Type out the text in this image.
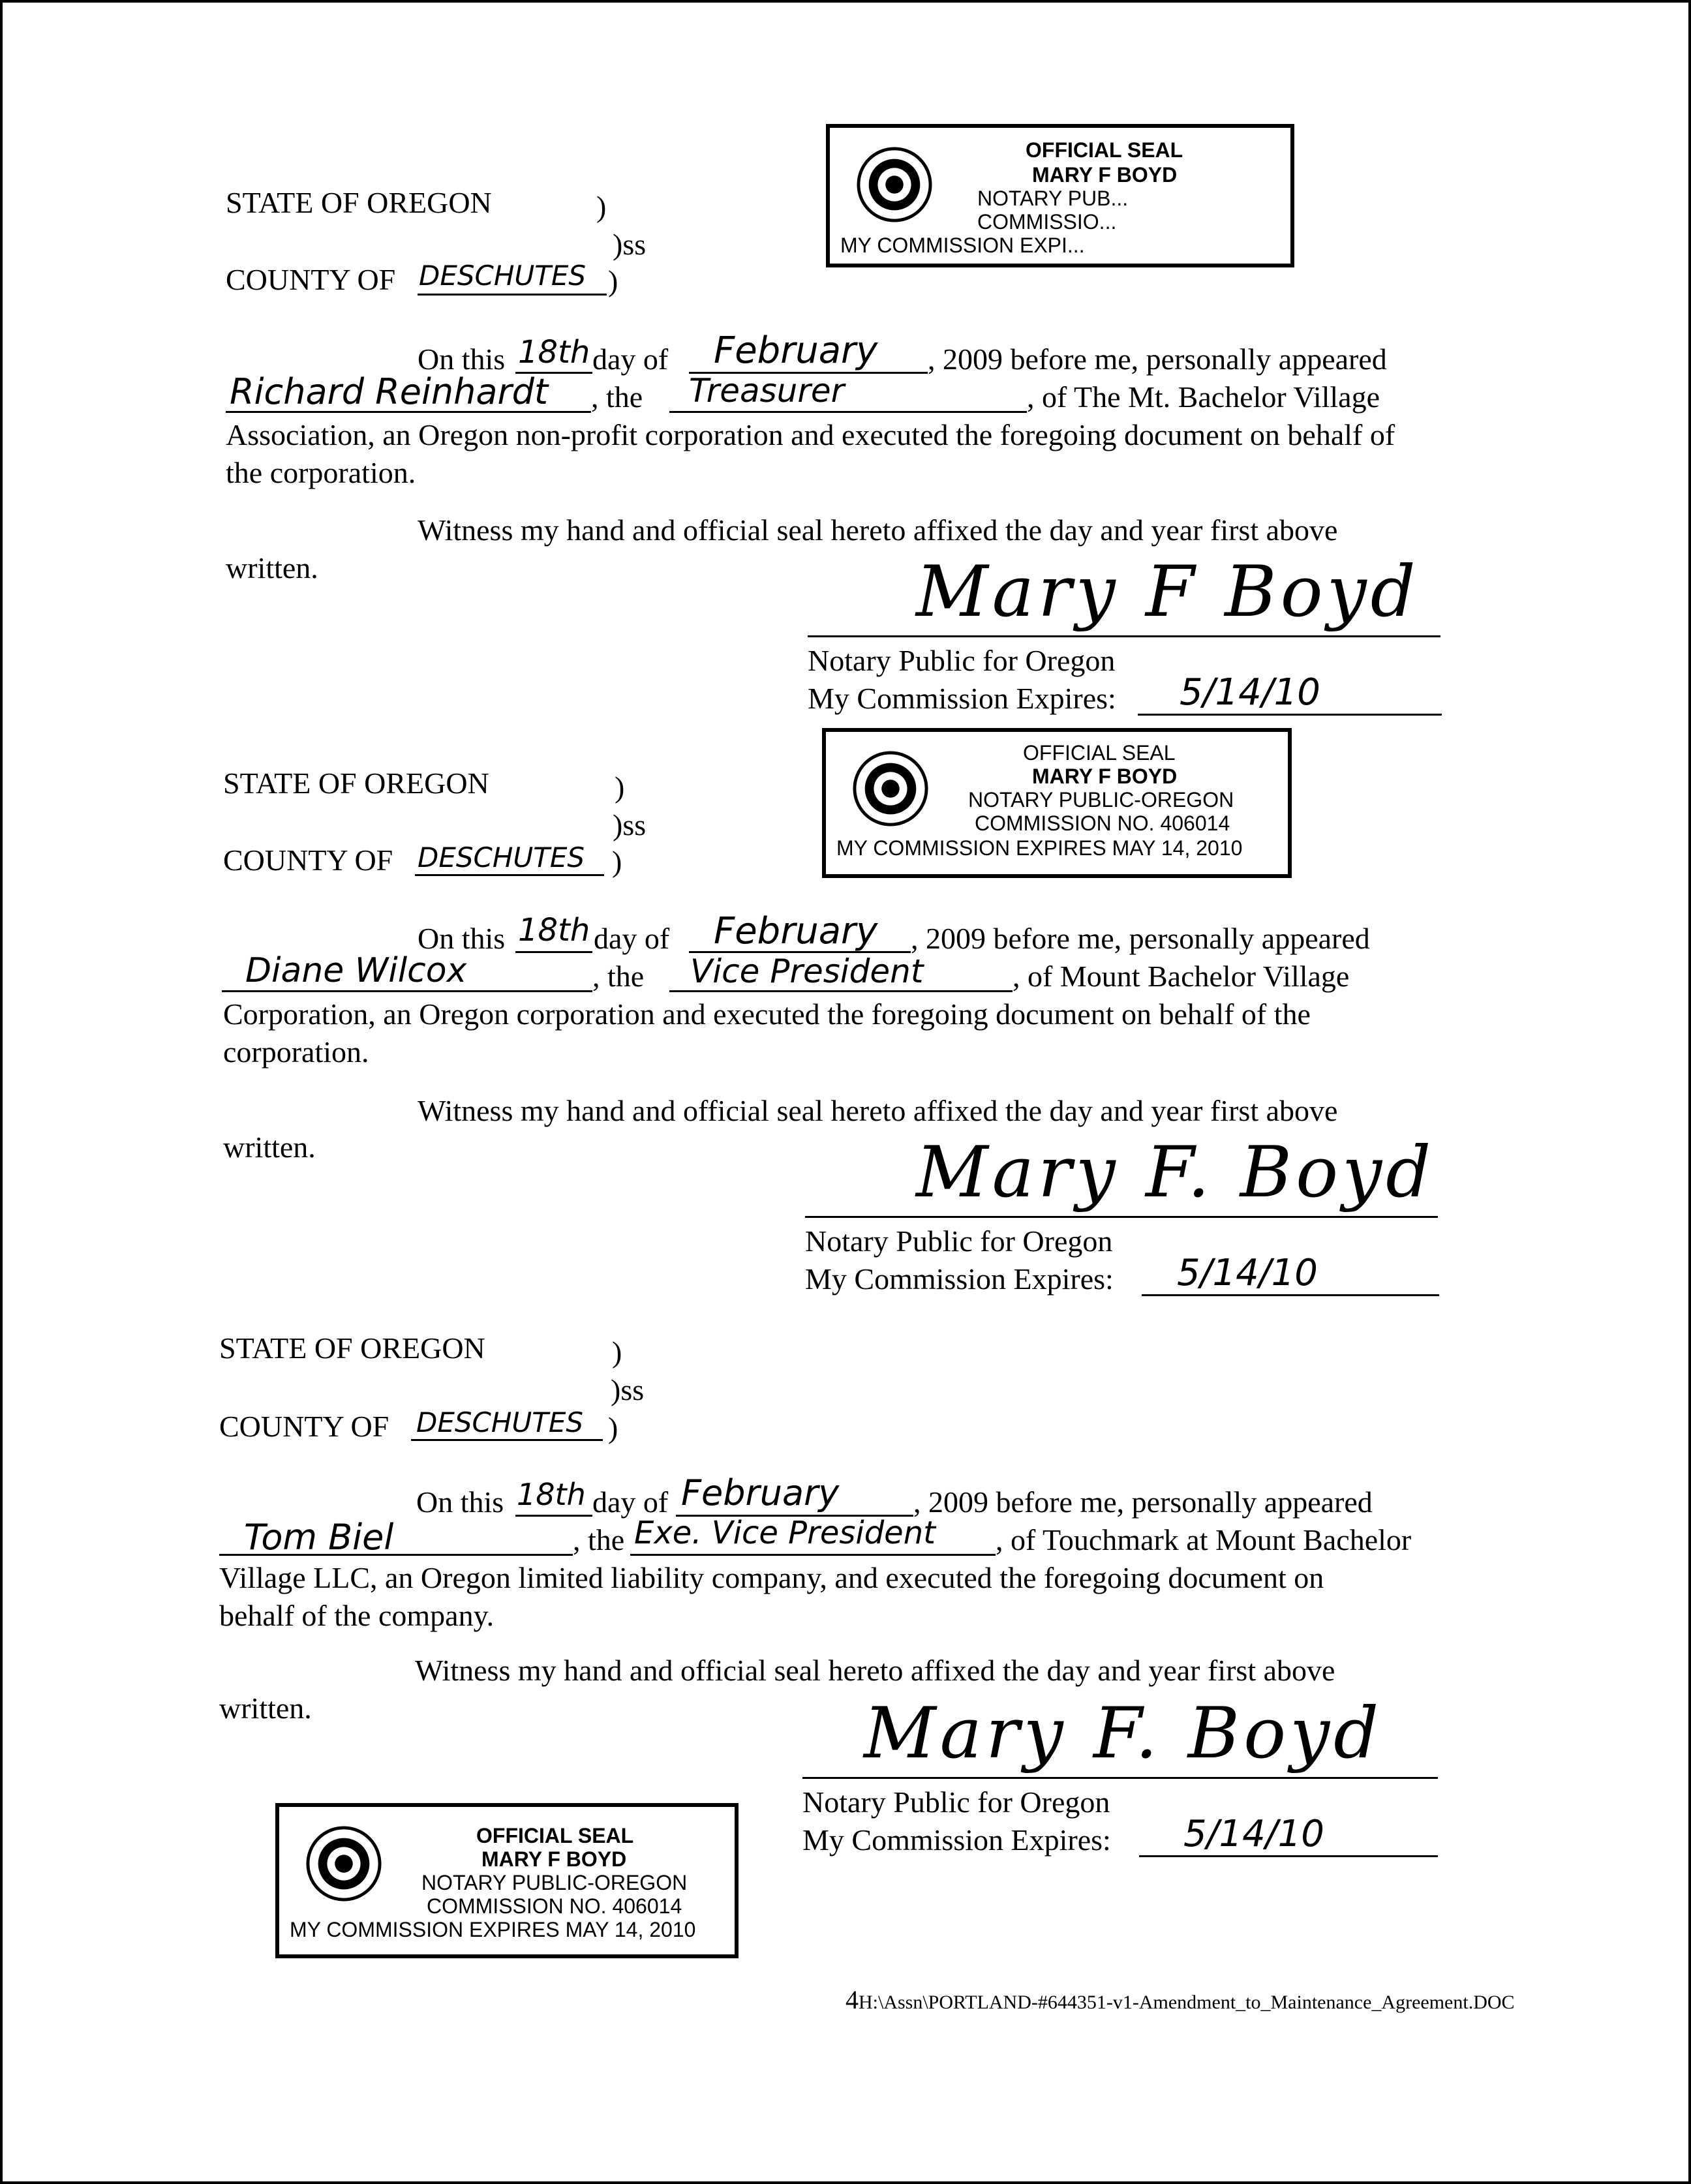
STATE OF OREGON	)
)ss
COUNTY OF DESCHUTES )
On this 18th day of February , 2009 before me, personally appeared
Richard Reinhardt , the Treasurer	, of The Mt. Bachelor Village
Association, an Oregon non-profit corporation and executed the foregoing document on behalf of
the corporation.
Witness my hand and official seal hereto affixed the day and year first above
written.	Mary F Boyd
Notary Public for Oregon
My Commission Expires: 5/14/10
STATE OF OREGON	)
)ss
COUNTY OF DESCHUTES )
On this 18th day of February , 2009 before me, personally appeared
Diane Wilcox	, the Vice President	, of Mount Bachelor Village
Corporation, an Oregon corporation and executed the foregoing document on behalf of the
corporation.
Witness my hand and official seal hereto affixed the day and year first above
written.	Mary F. Boyd
Notary Public for Oregon
My Commission Expires: 5/14/10
STATE OF OREGON	)
)ss
COUNTY OF DESCHUTES )
On this 18th day of February , 2009 before me, personally appeared
Tom Biel	, the Exe. Vice President , of Touchmark at Mount Bachelor
Village LLC, an Oregon limited liability company, and executed the foregoing document on
behalf of the company.
Witness my hand and official seal hereto affixed the day and year first above
written.	Mary F. Boyd
Notary Public for Oregon
My Commission Expires: 5/14/10
OFFICIAL SEAL
MARY F BOYD
NOTARY PUB...
COMMISSIO...
MY COMMISSION EXPI...
OFFICIAL SEAL
MARY F BOYD
NOTARY PUBLIC-OREGON
COMMISSION NO. 406014
MY COMMISSION EXPIRES MAY 14, 2010
OFFICIAL SEAL
MARY F BOYD
NOTARY PUBLIC-OREGON
COMMISSION NO. 406014
MY COMMISSION EXPIRES MAY 14, 2010
4H:\Assn\PORTLAND-#644351-v1-Amendment_to_Maintenance_Agreement.DOC
